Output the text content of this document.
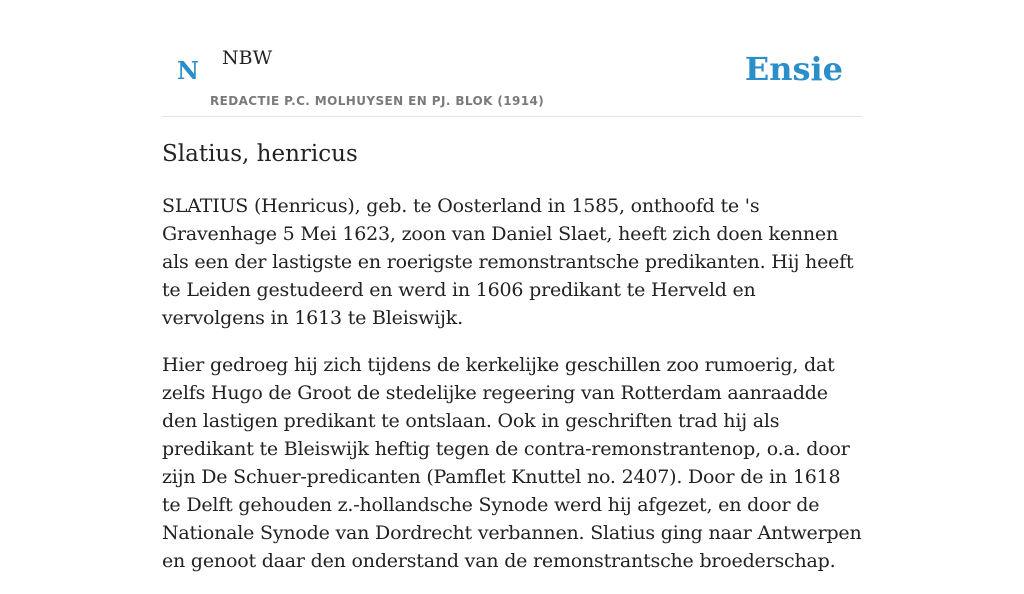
N NBW
REDACTIE P.C. MOLHUYSEN EN PJ. BLOK (1914)
Ensie
Slatius, henricus

SLATIUS (Henricus), geb. te Oosterland in 1585, onthoofd te 's Gravenhage 5 Mei 1623, zoon van Daniel Slaet, heeft zich doen kennen als een der lastigste en roerigste remonstrantsche predikanten. Hij heeft te Leiden gestudeerd en werd in 1606 predikant te Herveld en vervolgens in 1613 te Bleiswijk.

Hier gedroeg hij zich tijdens de kerkelijke geschillen zoo rumoerig, dat zelfs Hugo de Groot de stedelijke regeering van Rotterdam aanraadde den lastigen predikant te ontslaan. Ook in geschriften trad hij als predikant te Bleiswijk heftig tegen de contra-remonstrantenop, o.a. door zijn De Schuer-predicanten (Pamflet Knuttel no. 2407). Door de in 1618 te Delft gehouden z.-hollandsche Synode werd hij afgezet, en door de Nationale Synode van Dordrecht verbannen. Slatius ging naar Antwerpen en genoot daar den onderstand van de remonstrantsche broederschap.
